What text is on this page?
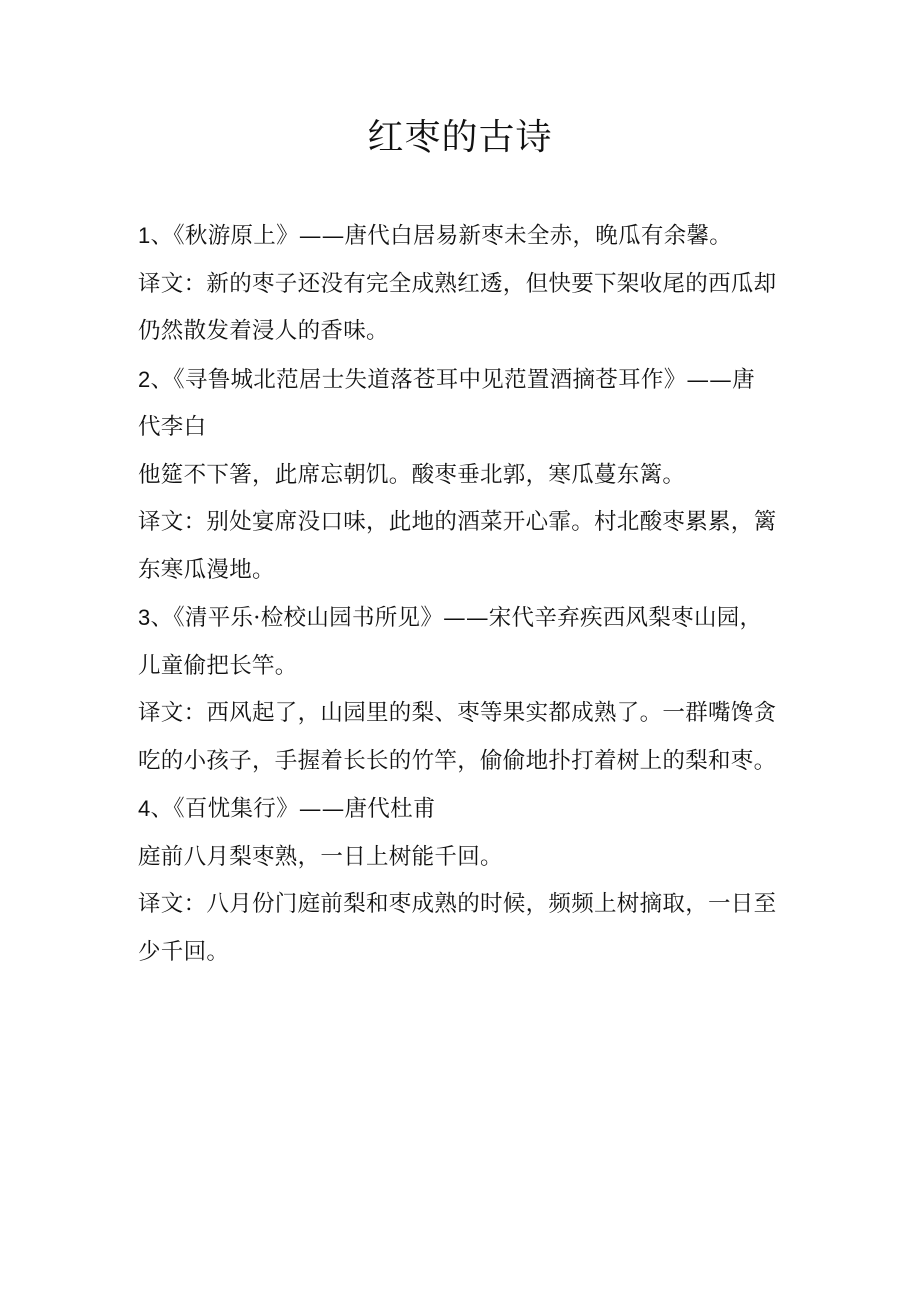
红枣的古诗

1、《秋游原上》——唐代白居易新枣未全赤，晚瓜有余馨。

译文：新的枣子还没有完全成熟红透，但快要下架收尾的西瓜却

仍然散发着浸人的香味。

2、《寻鲁城北范居士失道落苍耳中见范置酒摘苍耳作》——唐

代李白

他筵不下箸，此席忘朝饥。酸枣垂北郭，寒瓜蔓东篱。

译文：别处宴席没口味，此地的酒菜开心霏。村北酸枣累累，篱

东寒瓜漫地。

3、《清平乐·检校山园书所见》——宋代辛弃疾西风梨枣山园，

儿童偷把长竿。

译文：西风起了，山园里的梨、枣等果实都成熟了。一群嘴馋贪

吃的小孩子，手握着长长的竹竿，偷偷地扑打着树上的梨和枣。

4、《百忧集行》——唐代杜甫

庭前八月梨枣熟，一日上树能千回。

译文：八月份门庭前梨和枣成熟的时候，频频上树摘取，一日至

少千回。
